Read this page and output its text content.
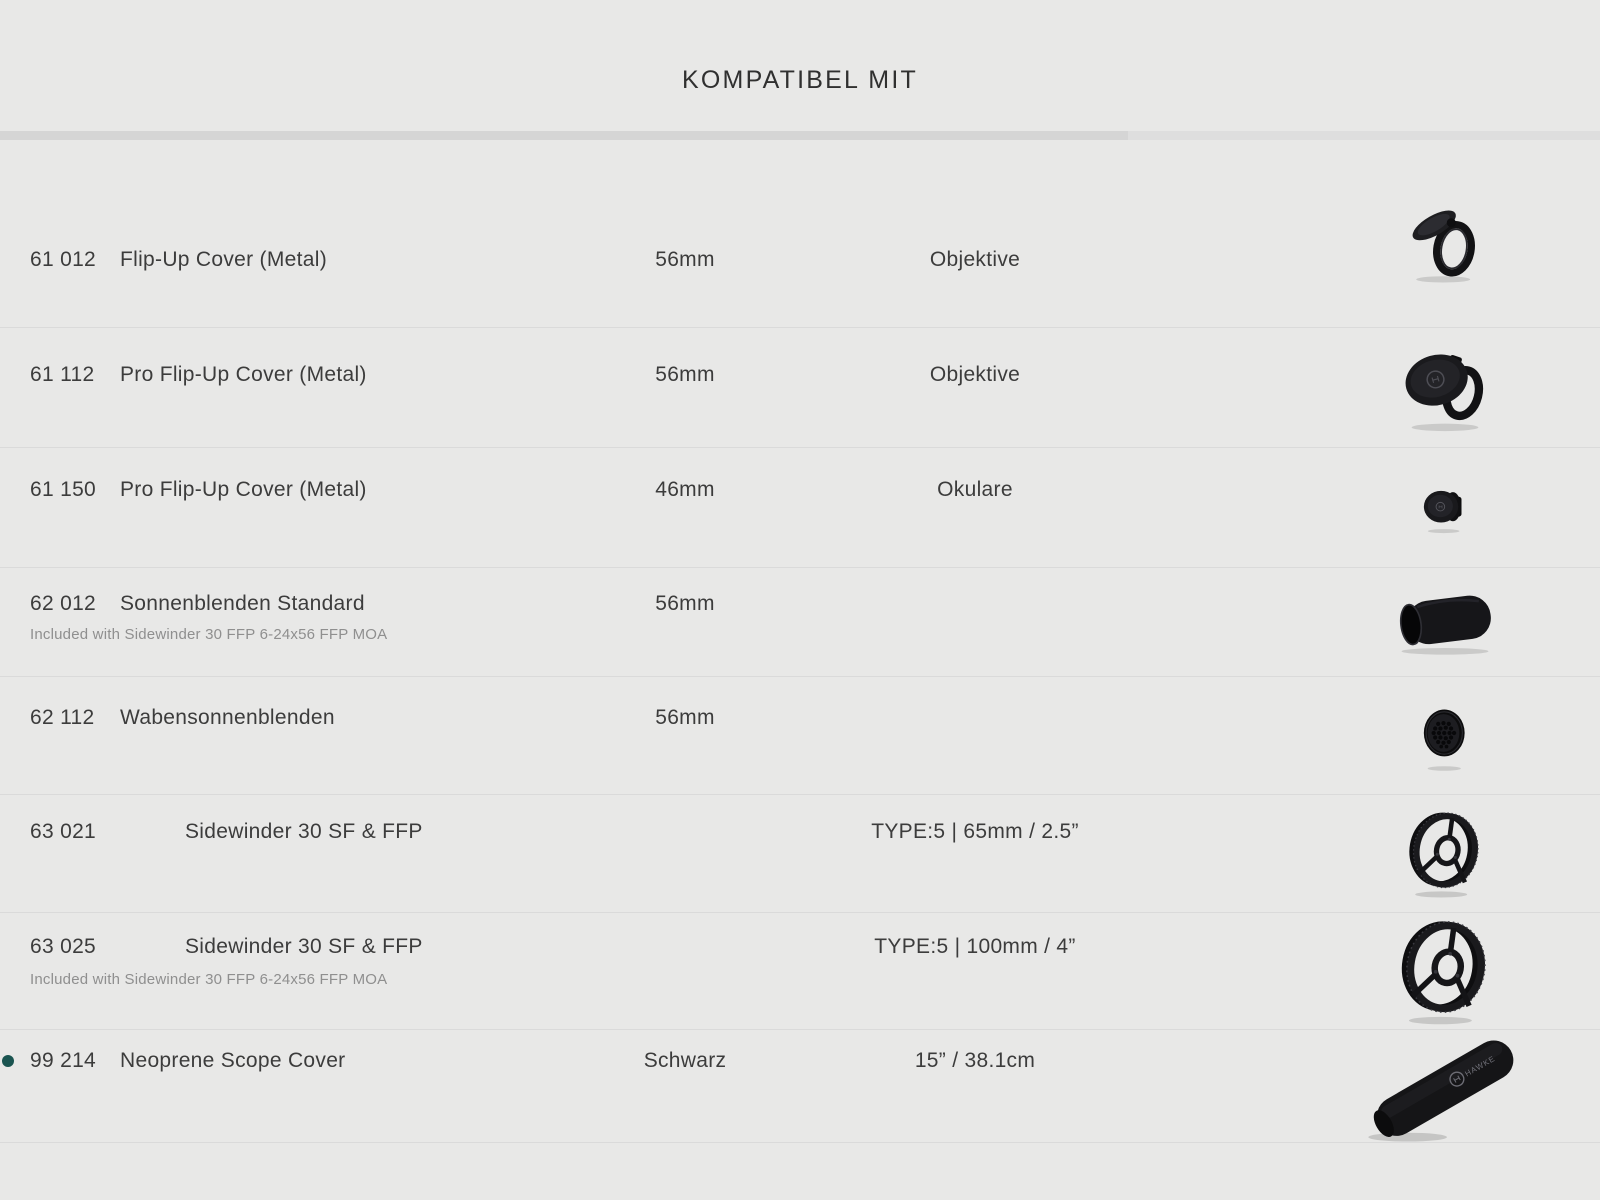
KOMPATIBEL MIT
61 012 Flip-Up Cover (Metal)	56mm	Objektive
61 112 Pro Flip-Up Cover (Metal)	56mm	Objektive
61 150 Pro Flip-Up Cover (Metal)	46mm	Okulare
62 012 Sonnenblenden Standard	56mm
Included with Sidewinder 30 FFP 6-24x56 FFP MOA
62 112 Wabensonnenblenden	56mm
63 021	Sidewinder 30 SF & FFP	TYPE:5 | 65mm / 2.5”
63 025	Sidewinder 30 SF & FFP	TYPE:5 | 100mm / 4”
Included with Sidewinder 30 FFP 6-24x56 FFP MOA
99 214 Neoprene Scope Cover	Schwarz	15” / 38.1cm
